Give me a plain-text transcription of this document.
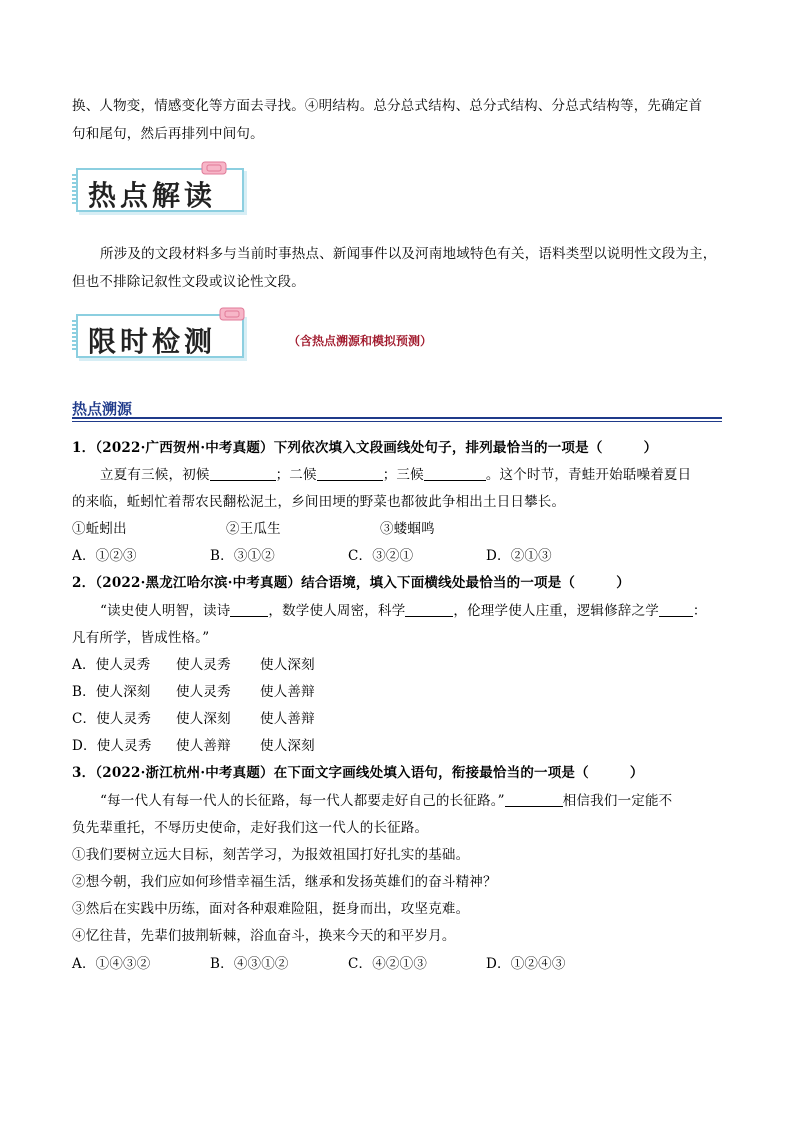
换、人物变，情感变化等方面去寻找。④明结构。总分总式结构、总分式结构、分总式结构等，先确定首
句和尾句，然后再排列中间句。
热点解读
所涉及的文段材料多与当前时事热点、新闻事件以及河南地域特色有关，语料类型以说明性文段为主，
但也不排除记叙性文段或议论性文段。
限时检测	（含热点溯源和模拟预测）
热点溯源
1．（2022·广西贺州·中考真题）下列依次填入文段画线处句子，排列最恰当的一项是（　　　）
立夏有三候，初候	；二候	；三候	。这个时节，青蛙开始聒噪着夏日
的来临，蚯蚓忙着帮农民翻松泥土，乡间田埂的野菜也都彼此争相出土日日攀长。
①蚯蚓出	②王瓜生	③蝼蝈鸣
A．①②③	B．③①②	C．③②①	D．②①③
2．（2022·黑龙江哈尔滨·中考真题）结合语境，填入下面横线处最恰当的一项是（　　　）
“读史使人明智，读诗	，数学使人周密，科学	，伦理学使人庄重，逻辑修辞之学	：
凡有所学，皆成性格。”
A．使人灵秀 使人灵秀 使人深刻
B．使人深刻 使人灵秀 使人善辩
C．使人灵秀 使人深刻 使人善辩
D．使人灵秀 使人善辩 使人深刻
3．（2022·浙江杭州·中考真题）在下面文字画线处填入语句，衔接最恰当的一项是（　　　）
“每一代人有每一代人的长征路，每一代人都要走好自己的长征路。”	相信我们一定能不
负先辈重托，不辱历史使命，走好我们这一代人的长征路。
①我们要树立远大目标，刻苦学习，为报效祖国打好扎实的基础。
②想今朝，我们应如何珍惜幸福生活，继承和发扬英雄们的奋斗精神？
③然后在实践中历练，面对各种艰难险阻，挺身而出，攻坚克难。
④忆往昔，先辈们披荆斩棘，浴血奋斗，换来今天的和平岁月。
A．①④③②	B．④③①②	C．④②①③	D．①②④③
